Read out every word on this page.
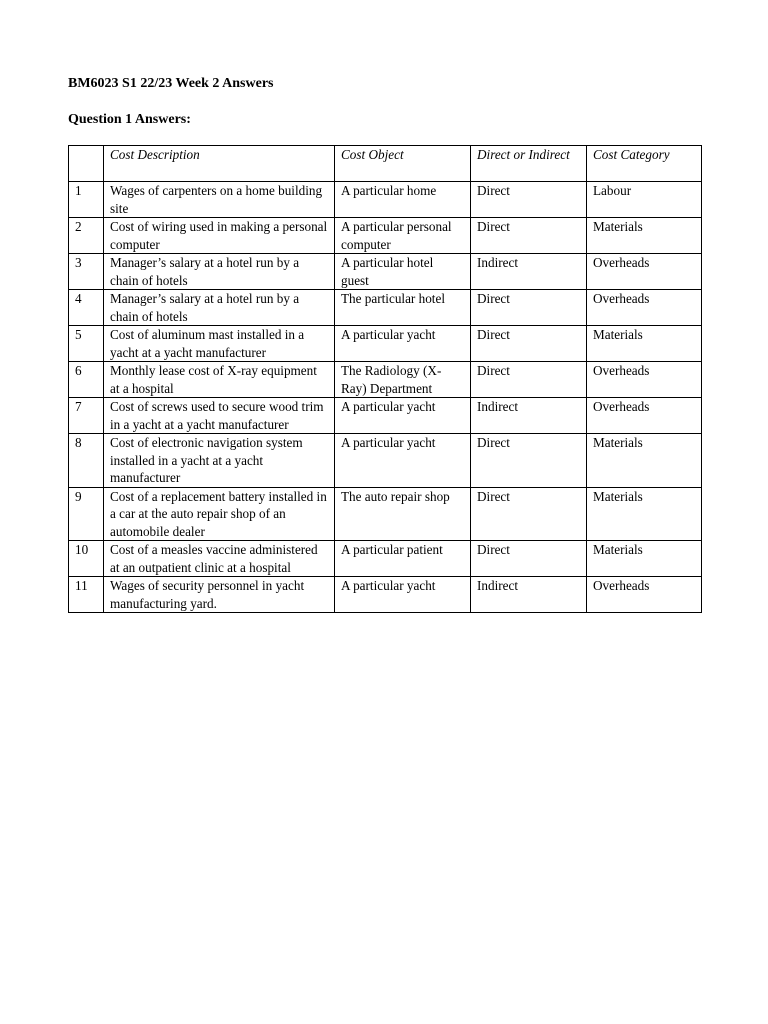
BM6023 S1 22/23 Week 2 Answers
Question 1 Answers:
	Cost Description	Cost Object	Direct or Indirect	Cost Category
1	Wages of carpenters on a home building site	A particular home	Direct	Labour
2	Cost of wiring used in making a personal computer	A particular personal computer	Direct	Materials
3	Manager’s salary at a hotel run by a chain of hotels	A particular hotel guest	Indirect	Overheads
4	Manager’s salary at a hotel run by a chain of hotels	The particular hotel	Direct	Overheads
5	Cost of aluminum mast installed in a yacht at a yacht manufacturer	A particular yacht	Direct	Materials
6	Monthly lease cost of X-ray equipment at a hospital	The Radiology (X-Ray) Department	Direct	Overheads
7	Cost of screws used to secure wood trim in a yacht at a yacht manufacturer	A particular yacht	Indirect	Overheads
8	Cost of electronic navigation system installed in a yacht at a yacht manufacturer	A particular yacht	Direct	Materials
9	Cost of a replacement battery installed in a car at the auto repair shop of an automobile dealer	The auto repair shop	Direct	Materials
10	Cost of a measles vaccine administered at an outpatient clinic at a hospital	A particular patient	Direct	Materials
11	Wages of security personnel in yacht manufacturing yard.	A particular yacht	Indirect	Overheads
